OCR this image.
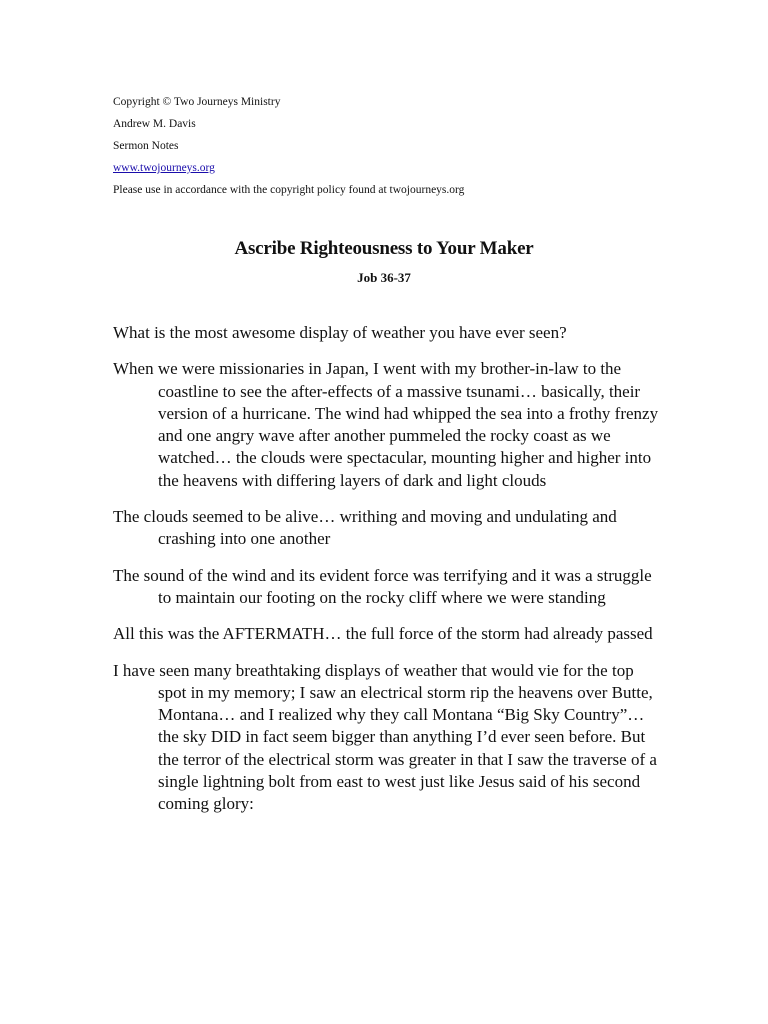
Copyright © Two Journeys Ministry
Andrew M. Davis
Sermon Notes
www.twojourneys.org
Please use in accordance with the copyright policy found at twojourneys.org
Ascribe Righteousness to Your Maker
Job 36-37

What is the most awesome display of weather you have ever seen?

When we were missionaries in Japan, I went with my brother-in-law to the coastline to see the after-effects of a massive tsunami… basically, their version of a hurricane. The wind had whipped the sea into a frothy frenzy and one angry wave after another pummeled the rocky coast as we watched… the clouds were spectacular, mounting higher and higher into the heavens with differing layers of dark and light clouds

The clouds seemed to be alive… writhing and moving and undulating and crashing into one another

The sound of the wind and its evident force was terrifying and it was a struggle to maintain our footing on the rocky cliff where we were standing

All this was the AFTERMATH… the full force of the storm had already passed

I have seen many breathtaking displays of weather that would vie for the top spot in my memory; I saw an electrical storm rip the heavens over Butte, Montana… and I realized why they call Montana “Big Sky Country”… the sky DID in fact seem bigger than anything I’d ever seen before. But the terror of the electrical storm was greater in that I saw the traverse of a single lightning bolt from east to west just like Jesus said of his second coming glory:
